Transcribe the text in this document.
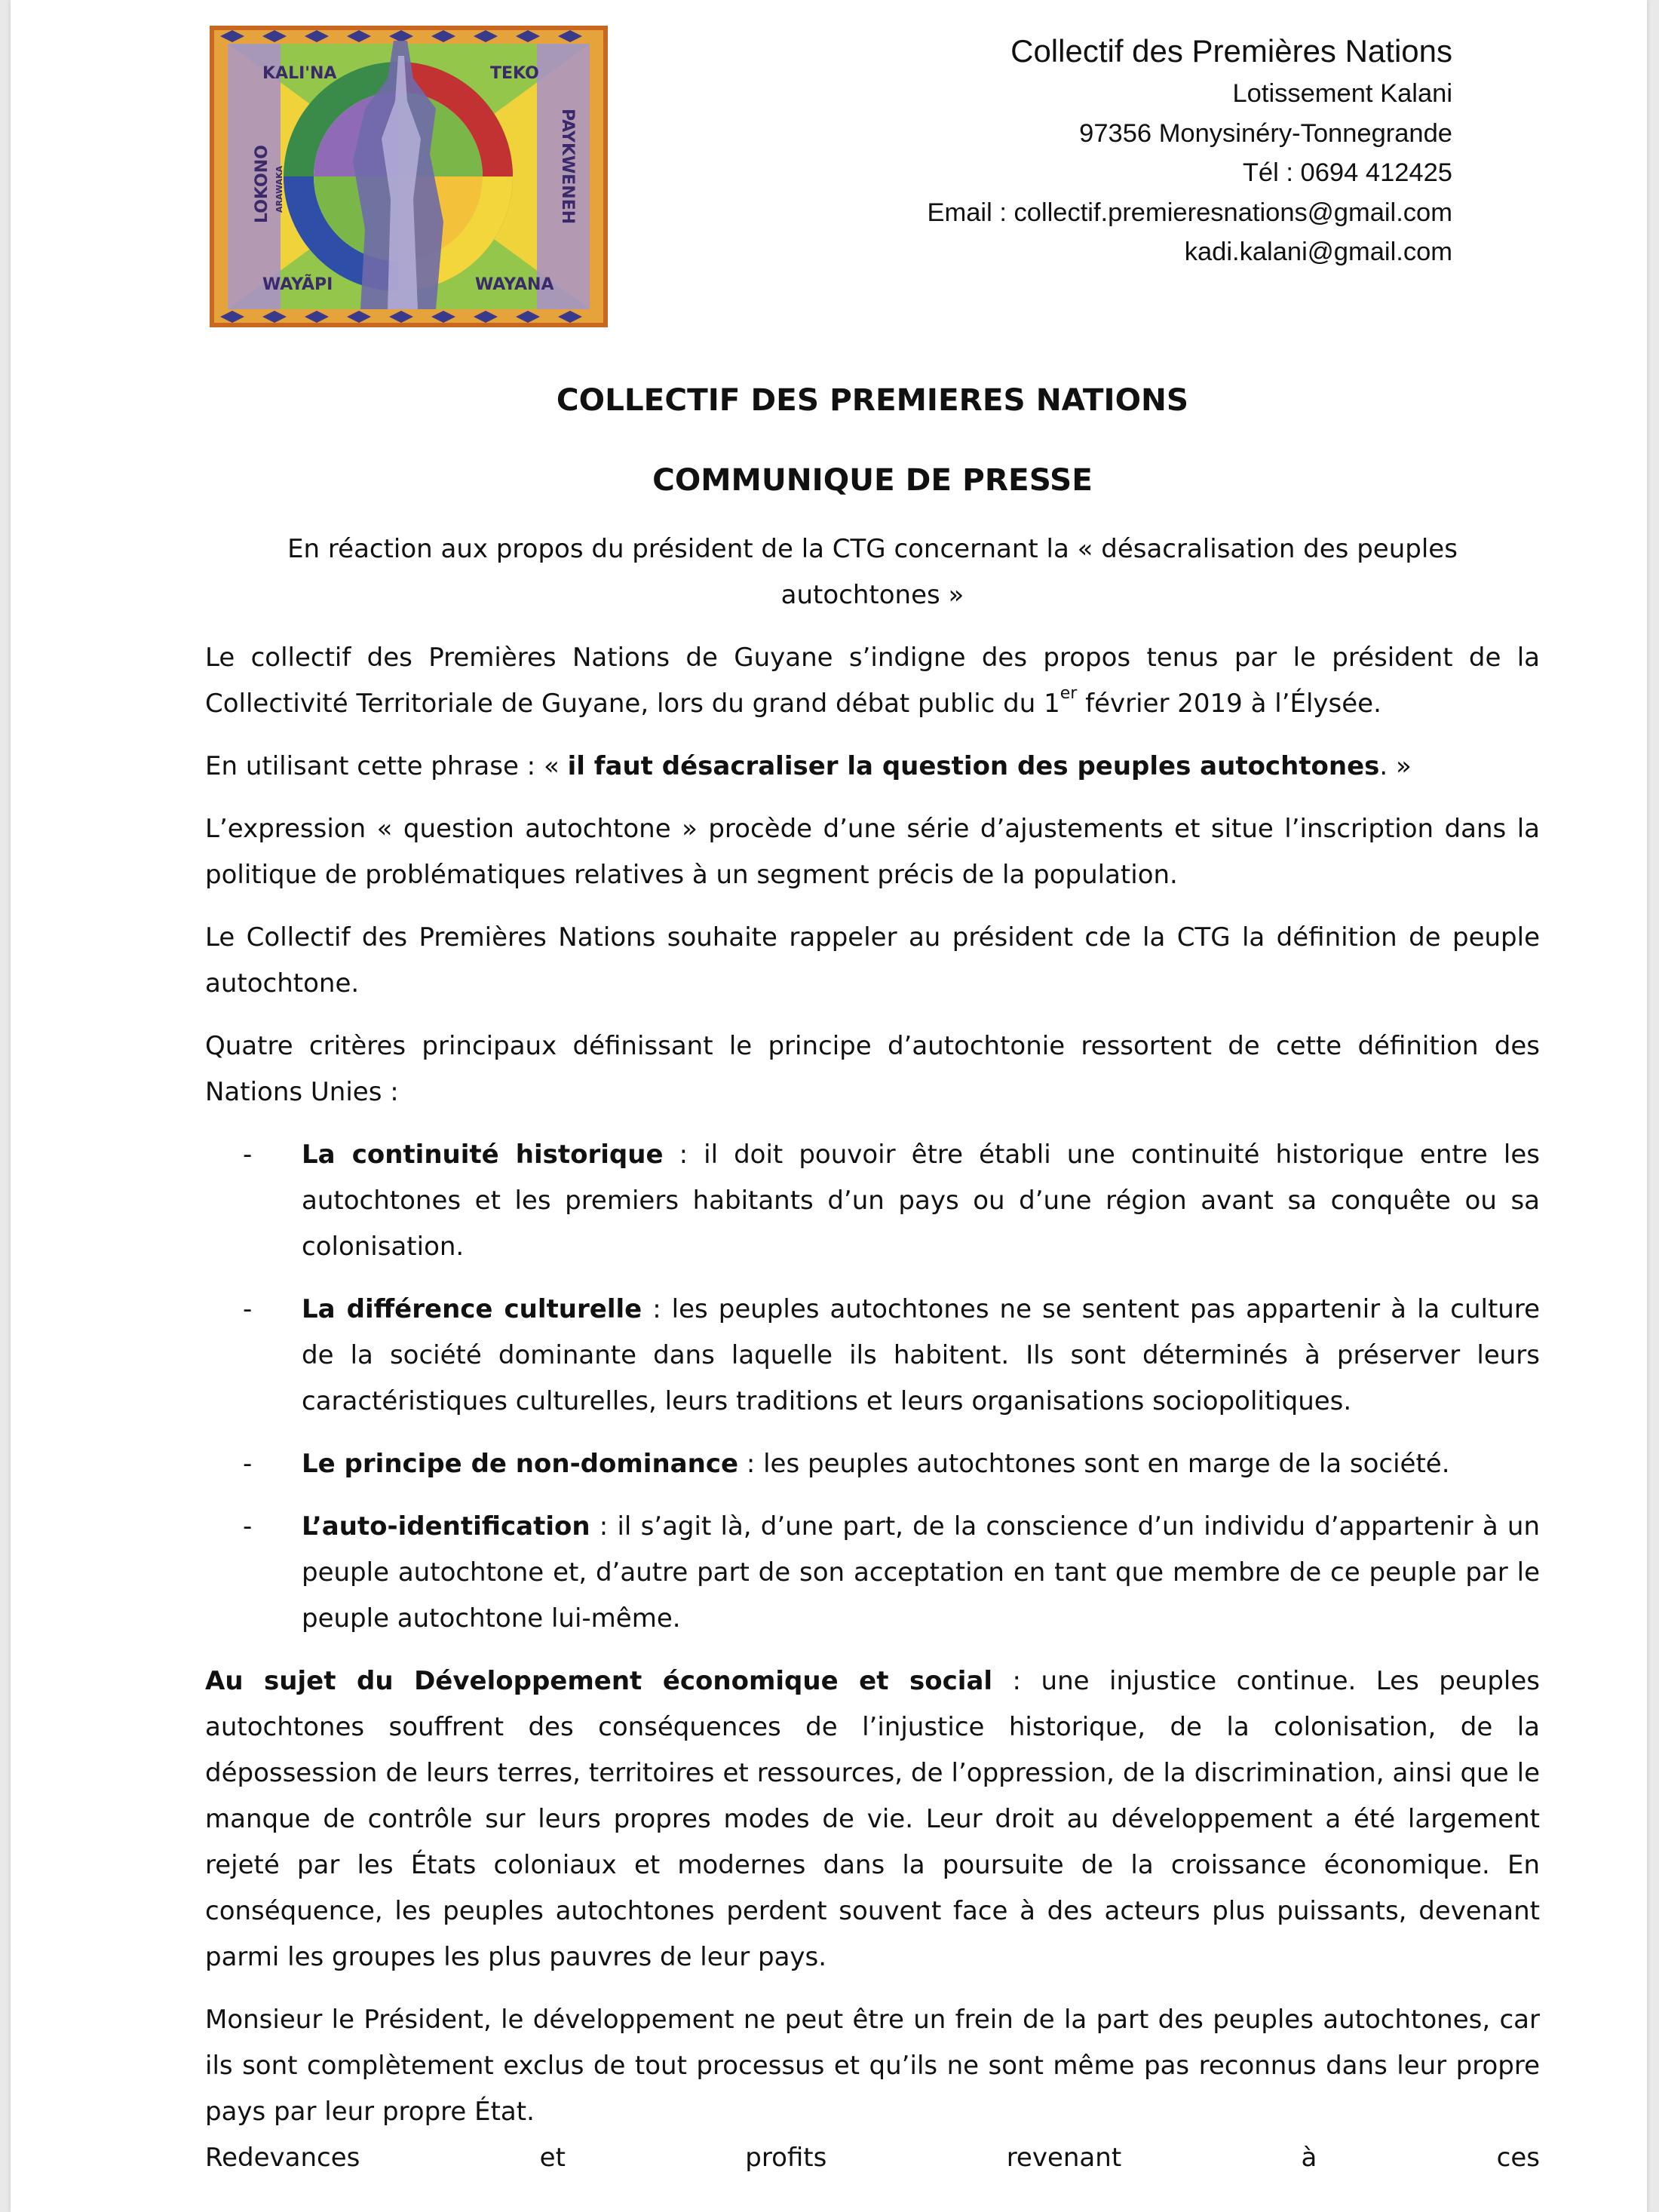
KALI'NA	TEKO
WAYÃPI	WAYANA
LOKONO ARAWAKA	PAYKWENEH
Collectif des Premières Nations
Lotissement Kalani
97356 Monysinéry-Tonnegrande
Tél : 0694 412425
Email : collectif.premieresnations@gmail.com
kadi.kalani@gmail.com
COLLECTIF DES PREMIERES NATIONS
COMMUNIQUE DE PRESSE
En réaction aux propos du président de la CTG concernant la « désacralisation des peuples
autochtones »

Le collectif des Premières Nations de Guyane s’indigne des propos tenus par le président de la Collectivité Territoriale de Guyane, lors du grand débat public du 1er février 2019 à l’Élysée.

En utilisant cette phrase : « il faut désacraliser la question des peuples autochtones. »

L’expression « question autochtone » procède d’une série d’ajustements et situe l’inscription dans la politique de problématiques relatives à un segment précis de la population.

Le Collectif des Premières Nations souhaite rappeler au président cde la CTG la définition de peuple autochtone.

Quatre critères principaux définissant le principe d’autochtonie ressortent de cette définition des Nations Unies :

- La continuité historique : il doit pouvoir être établi une continuité historique entre les autochtones et les premiers habitants d’un pays ou d’une région avant sa conquête ou sa colonisation.
- La différence culturelle : les peuples autochtones ne se sentent pas appartenir à la culture de la société dominante dans laquelle ils habitent. Ils sont déterminés à préserver leurs caractéristiques culturelles, leurs traditions et leurs organisations sociopolitiques.
- Le principe de non-dominance : les peuples autochtones sont en marge de la société.
- L’auto-identification : il s’agit là, d’une part, de la conscience d’un individu d’appartenir à un peuple autochtone et, d’autre part de son acceptation en tant que membre de ce peuple par le peuple autochtone lui-même.

Au sujet du Développement économique et social : une injustice continue. Les peuples autochtones souffrent des conséquences de l’injustice historique, de la colonisation, de la dépossession de leurs terres, territoires et ressources, de l’oppression, de la discrimination, ainsi que le manque de contrôle sur leurs propres modes de vie. Leur droit au développement a été largement rejeté par les États coloniaux et modernes dans la poursuite de la croissance économique. En conséquence, les peuples autochtones perdent souvent face à des acteurs plus puissants, devenant parmi les groupes les plus pauvres de leur pays.

Monsieur le Président, le développement ne peut être un frein de la part des peuples autochtones, car ils sont complètement exclus de tout processus et qu’ils ne sont même pas reconnus dans leur propre pays par leur propre État.

Redevances et profits revenant à ces
